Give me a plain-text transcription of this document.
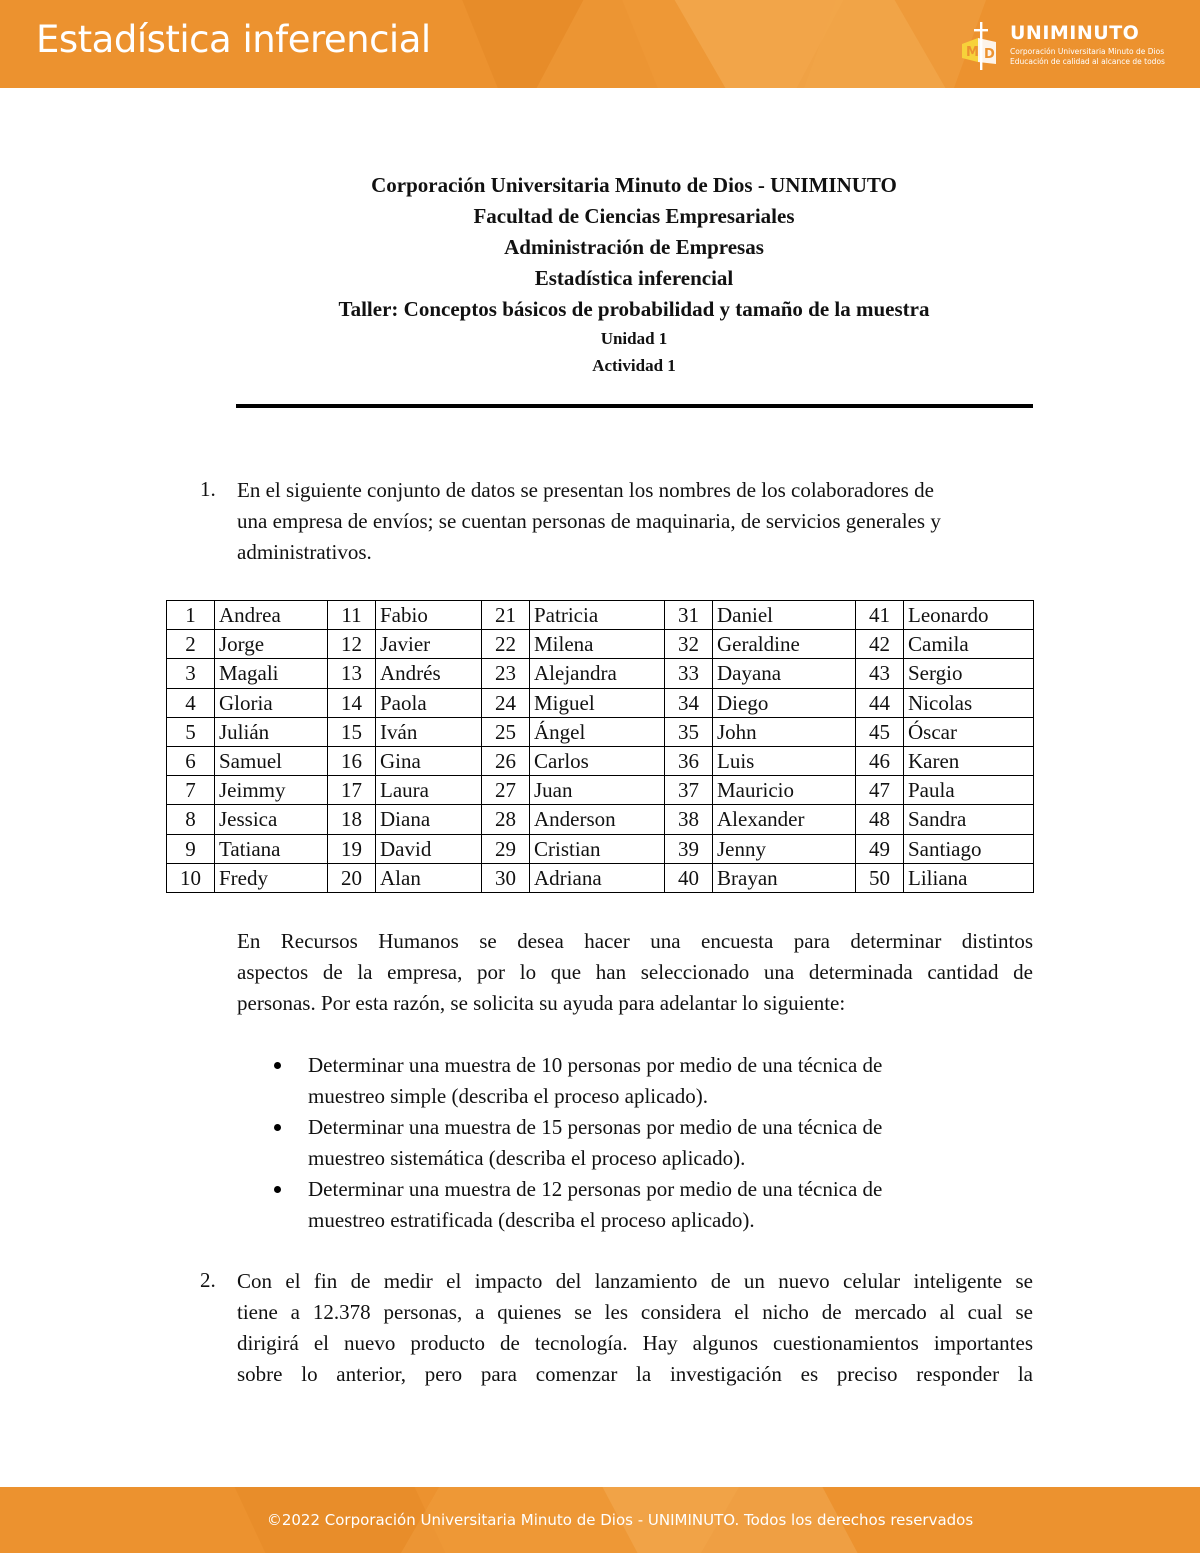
Estadística inferencial	M D
UNIMINUTO
Corporación Universitaria Minuto de Dios
Educación de calidad al alcance de todos
Corporación Universitaria Minuto de Dios - UNIMINUTO
Facultad de Ciencias Empresariales
Administración de Empresas
Estadística inferencial
Taller: Conceptos básicos de probabilidad y tamaño de la muestra
Unidad 1
Actividad 1
1. En el siguiente conjunto de datos se presentan los nombres de los colaboradores de
una empresa de envíos; se cuentan personas de maquinaria, de servicios generales y
administrativos.
1	Andrea	11	Fabio	21	Patricia	31	Daniel	41	Leonardo
2	Jorge	12	Javier	22	Milena	32	Geraldine	42	Camila
3	Magali	13	Andrés	23	Alejandra	33	Dayana	43	Sergio
4	Gloria	14	Paola	24	Miguel	34	Diego	44	Nicolas
5	Julián	15	Iván	25	Ángel	35	John	45	Óscar
6	Samuel	16	Gina	26	Carlos	36	Luis	46	Karen
7	Jeimmy	17	Laura	27	Juan	37	Mauricio	47	Paula
8	Jessica	18	Diana	28	Anderson	38	Alexander	48	Sandra
9	Tatiana	19	David	29	Cristian	39	Jenny	49	Santiago
10	Fredy	20	Alan	30	Adriana	40	Brayan	50	Liliana
En Recursos Humanos se desea hacer una encuesta para determinar distintos
aspectos de la empresa, por lo que han seleccionado una determinada cantidad de
personas. Por esta razón, se solicita su ayuda para adelantar lo siguiente:
Determinar una muestra de 10 personas por medio de una técnica de
muestreo simple (describa el proceso aplicado).
Determinar una muestra de 15 personas por medio de una técnica de
muestreo sistemática (describa el proceso aplicado).
Determinar una muestra de 12 personas por medio de una técnica de
muestreo estratificada (describa el proceso aplicado).
2. Con el fin de medir el impacto del lanzamiento de un nuevo celular inteligente se
tiene a 12.378 personas, a quienes se les considera el nicho de mercado al cual se
dirigirá el nuevo producto de tecnología. Hay algunos cuestionamientos importantes
sobre lo anterior, pero para comenzar la investigación es preciso responder la
©2022 Corporación Universitaria Minuto de Dios - UNIMINUTO. Todos los derechos reservados
